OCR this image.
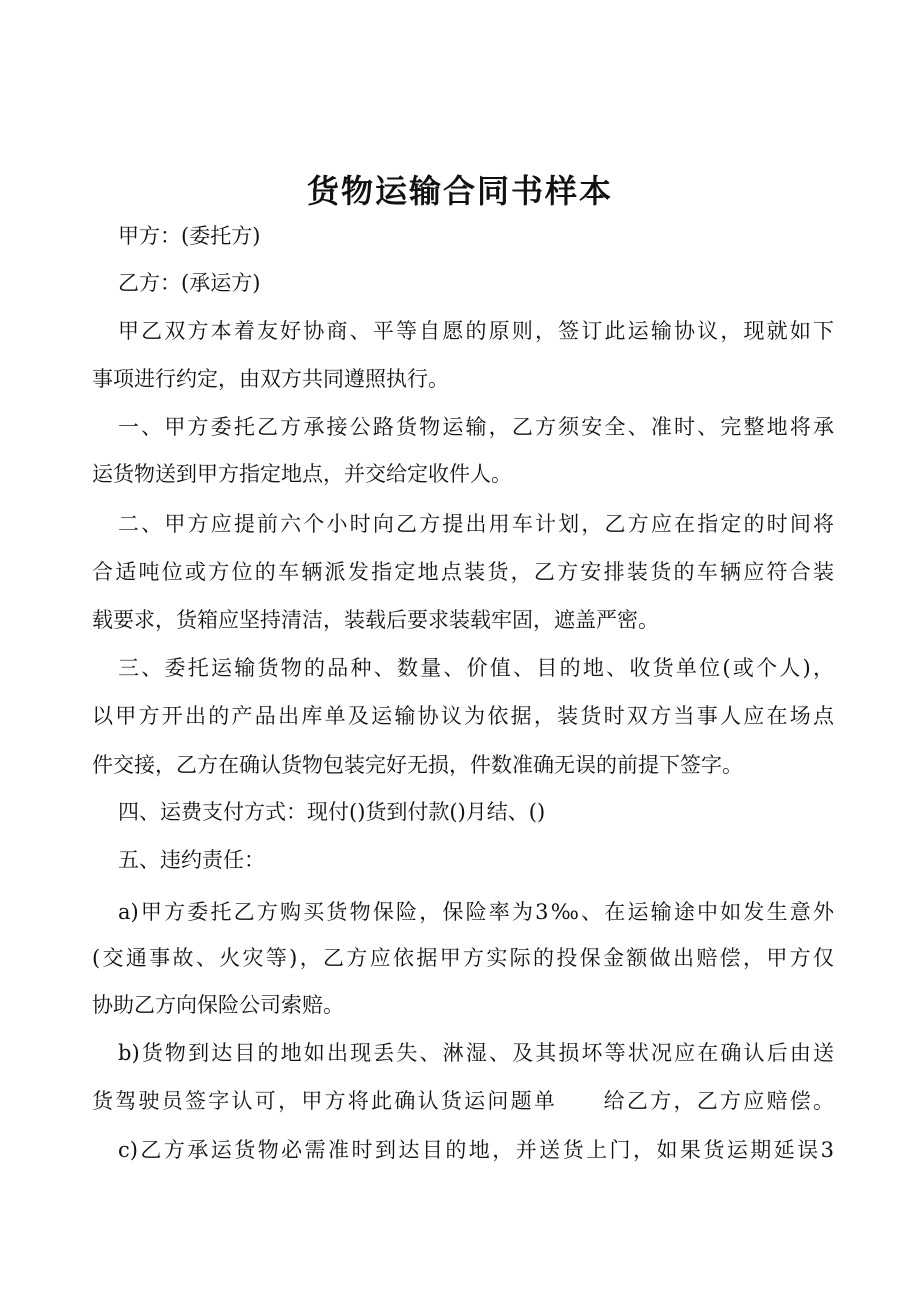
货物运输合同书样本
甲方：(委托方)
乙方：(承运方)
甲乙双方本着友好协商、平等自愿的原则，签订此运输协议，现就如下
事项进行约定，由双方共同遵照执行。
一、甲方委托乙方承接公路货物运输，乙方须安全、准时、完整地将承
运货物送到甲方指定地点，并交给定收件人。
二、甲方应提前六个小时向乙方提出用车计划，乙方应在指定的时间将
合适吨位或方位的车辆派发指定地点装货，乙方安排装货的车辆应符合装
载要求，货箱应坚持清洁，装载后要求装载牢固，遮盖严密。
三、委托运输货物的品种、数量、价值、目的地、收货单位(或个人)，
以甲方开出的产品出库单及运输协议为依据，装货时双方当事人应在场点
件交接，乙方在确认货物包装完好无损，件数准确无误的前提下签字。
四、运费支付方式：现付()货到付款()月结、()
五、违约责任：
a)甲方委托乙方购买货物保险，保险率为3‰、在运输途中如发生意外
(交通事故、火灾等)，乙方应依据甲方实际的投保金额做出赔偿，甲方仅
协助乙方向保险公司索赔。
b)货物到达目的地如出现丢失、淋湿、及其损坏等状况应在确认后由送
货驾驶员签字认可，甲方将此确认货运问题单　　给乙方，乙方应赔偿。
c)乙方承运货物必需准时到达目的地，并送货上门，如果货运期延误3
